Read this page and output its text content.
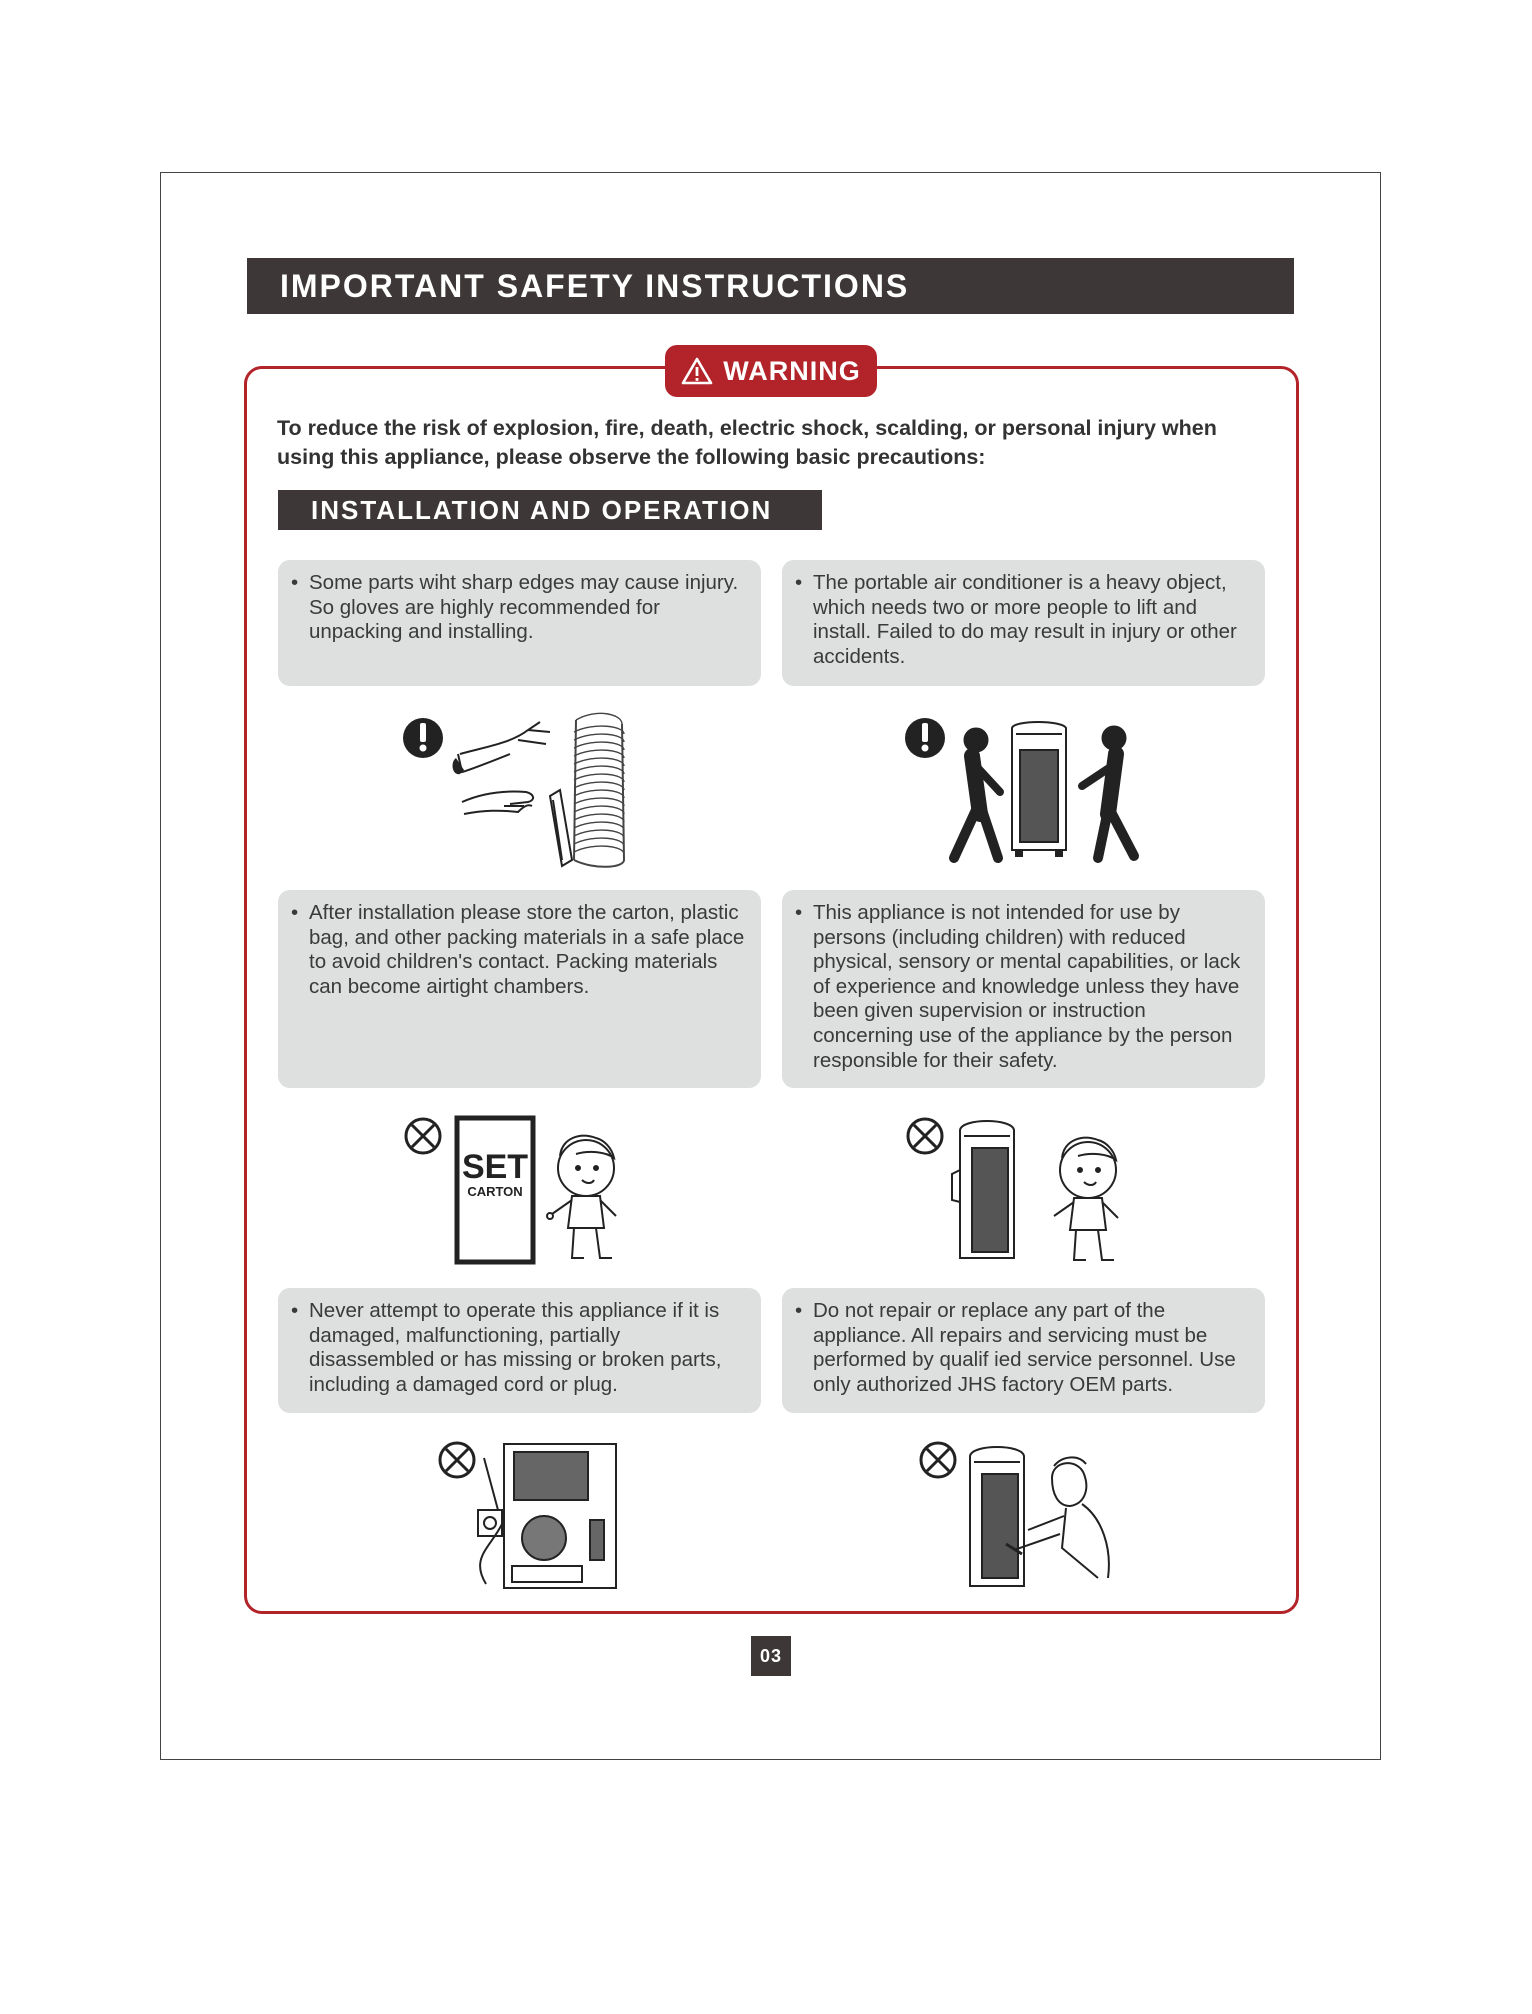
IMPORTANT SAFETY INSTRUCTIONS
WARNING
To reduce the risk of explosion, fire, death, electric shock, scalding, or personal injury when using this appliance, please observe the following basic precautions:
INSTALLATION AND OPERATION
• Some parts wiht sharp edges may cause injury. So gloves are highly recommended for unpacking and installing.
• The portable air conditioner is a heavy object, which needs two or more people to lift and install. Failed to do may result in injury or other accidents.
• After installation please store the carton, plastic bag, and other packing materials in a safe place to avoid children's contact. Packing materials can become airtight chambers.
• This appliance is not intended for use by persons (including children) with reduced physical, sensory or mental capabilities, or lack of experience and knowledge unless they have been given supervision or instruction concerning use of the appliance by the person responsible for their safety.
• Never attempt to operate this appliance if it is damaged, malfunctioning, partially disassembled or has missing or broken parts, including a damaged cord or plug.
• Do not repair or replace any part of the appliance. All repairs and servicing must be performed by qualif ied service personnel. Use only authorized JHS factory OEM parts.
SET
CARTON
03
